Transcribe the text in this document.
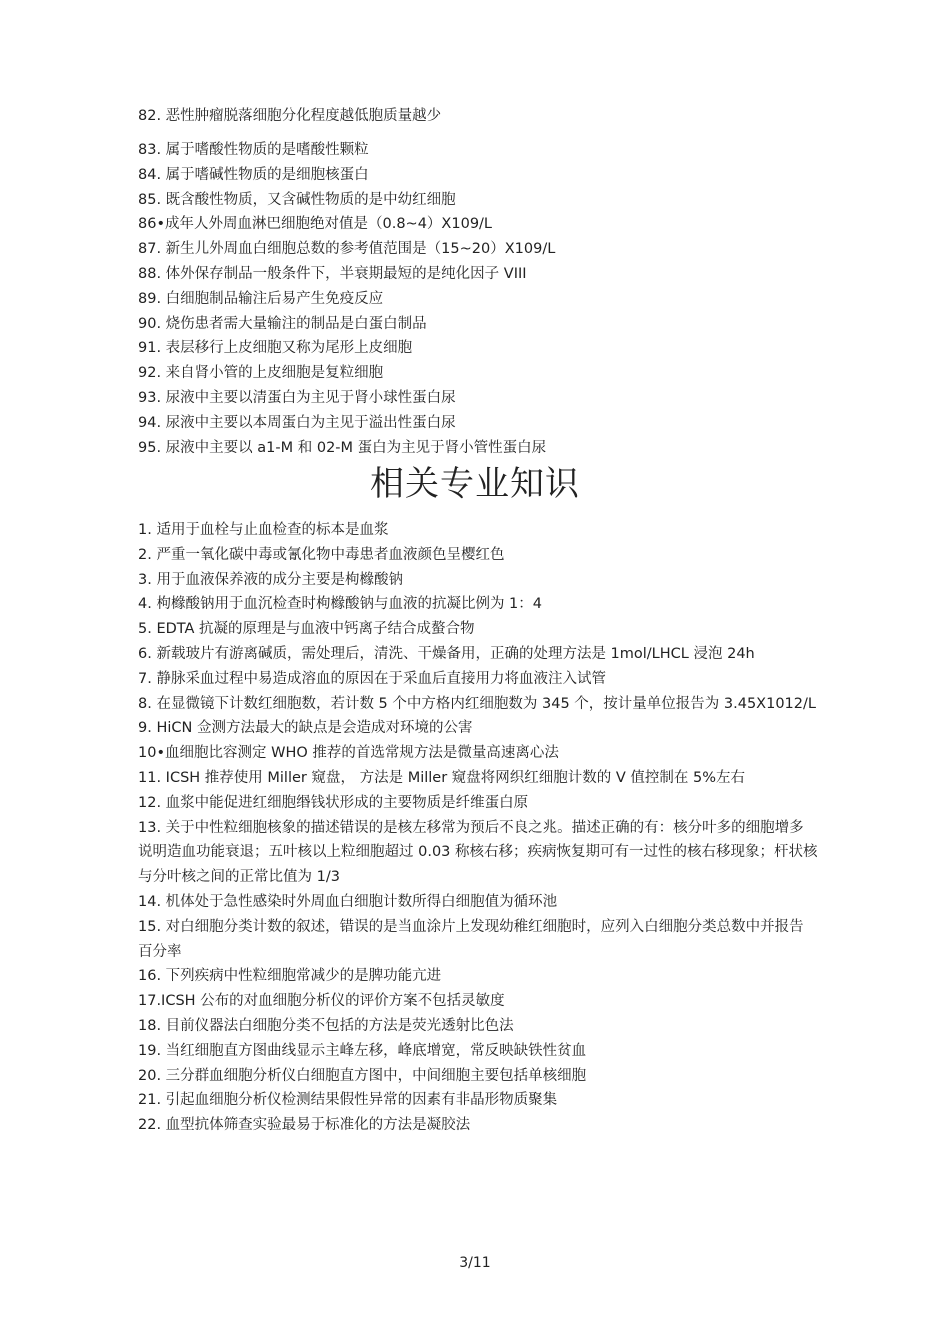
82. 恶性肿瘤脱落细胞分化程度越低胞质量越少
83. 属于嗜酸性物质的是嗜酸性颗粒
84. 属于嗜碱性物质的是细胞核蛋白
85. 既含酸性物质，又含碱性物质的是中幼红细胞
86•成年人外周血淋巴细胞绝对值是（0.8~4）X109/L
87. 新生儿外周血白细胞总数的参考值范围是（15~20）X109/L
88. 体外保存制品一般条件下，半衰期最短的是纯化因子 VIII
89. 白细胞制品输注后易产生免疫反应
90. 烧伤患者需大量输注的制品是白蛋白制品
91. 表层移行上皮细胞又称为尾形上皮细胞
92. 来自肾小管的上皮细胞是复粒细胞
93. 尿液中主要以清蛋白为主见于肾小球性蛋白尿
94. 尿液中主要以本周蛋白为主见于溢出性蛋白尿
95. 尿液中主要以 a1-M 和 02-M 蛋白为主见于肾小管性蛋白尿
相关专业知识
1. 适用于血栓与止血检查的标本是血浆
2. 严重一氧化碳中毒或氰化物中毒患者血液颜色呈樱红色
3. 用于血液保养液的成分主要是枸橼酸钠
4. 枸橼酸钠用于血沉检查时枸橼酸钠与血液的抗凝比例为 1：4
5. EDTA 抗凝的原理是与血液中钙离子结合成螯合物
6. 新载玻片有游离碱质，需处理后，清洗、干燥备用，正确的处理方法是 1mol/LHCL 浸泡 24h
7. 静脉采血过程中易造成溶血的原因在于采血后直接用力将血液注入试管
8. 在显微镜下计数红细胞数，若计数 5 个中方格内红细胞数为 345 个，按计量单位报告为 3.45X1012/L
9. HiCN 佥测方法最大的缺点是会造成对环境的公害
10•血细胞比容测定 WHO 推荐的首选常规方法是微量高速离心法
11. ICSH 推荐使用 Miller 窥盘， 方法是 Miller 窥盘将网织红细胞计数的 V 值控制在 5%左右
12. 血浆中能促进红细胞缗钱状形成的主要物质是纤维蛋白原
13. 关于中性粒细胞核象的描述错误的是核左移常为预后不良之兆。描述正确的有：核分叶多的细胞增多说明造血功能衰退；五叶核以上粒细胞超过 0.03 称核右移；疾病恢复期可有一过性的核右移现象；杆状核与分叶核之间的正常比值为 1/3
14. 机体处于急性感染时外周血白细胞计数所得白细胞值为循环池
15. 对白细胞分类计数的叙述，错误的是当血涂片上发现幼稚红细胞时，应列入白细胞分类总数中并报告百分率
16. 下列疾病中性粒细胞常减少的是脾功能亢进
17.ICSH 公布的对血细胞分析仪的评价方案不包括灵敏度
18. 目前仪器法白细胞分类不包括的方法是荧光透射比色法
19. 当红细胞直方图曲线显示主峰左移，峰底增宽，常反映缺铁性贫血
20. 三分群血细胞分析仪白细胞直方图中，中间细胞主要包括单核细胞
21. 引起血细胞分析仪检测结果假性异常的因素有非晶形物质聚集
22. 血型抗体筛查实验最易于标准化的方法是凝胶法
3/11
